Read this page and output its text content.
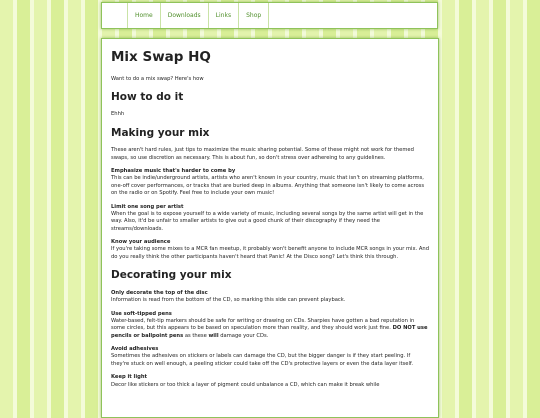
Home	Downloads	Links	Shop
Mix Swap HQ

Want to do a mix swap? Here's how

How to do it

Ehhh

Making your mix

These aren't hard rules, just tips to maximize the music sharing potential. Some of these might not work for themed swaps, so use discretion as necessary. This is about fun, so don't stress over adhereing to any guidelines.

Emphasize music that's harder to come by

This can be indie/underground artists, artists who aren't known in your country, music that isn't on streaming platforms, one-off cover performances, or tracks that are buried deep in albums. Anything that someone isn't likely to come across on the radio or on Spotify. Feel free to include your own music!

Limit one song per artist

When the goal is to expose yourself to a wide variety of music, including several songs by the same artist will get in the way. Also, it'd be unfair to smaller artists to give out a good chunk of their discography if they need the streams/downloads.

Know your audience

If you're taking some mixes to a MCR fan meetup, it probably won't benefit anyone to include MCR songs in your mix. And do you really think the other participants haven't heard that Panic! At the Disco song? Let's think this through.

Decorating your mix
Only decorate the top of the disc

Information is read from the bottom of the CD, so marking this side can prevent playback.

Use soft-tipped pens

Water-based, felt-tip markers should be safe for writing or drawing on CDs. Sharpies have gotten a bad reputation in some circles, but this appears to be based on speculation more than reality, and they should work just fine. DO NOT use pencils or ballpoint pens as these will damage your CDs.

Avoid adhesives

Sometimes the adhesives on stickers or labels can damage the CD, but the bigger danger is if they start peeling. If they're stuck on well enough, a peeling sticker could take off the CD's protective layers or even the data layer itself.

Keep it light

Decor like stickers or too thick a layer of pigment could unbalance a CD, which can make it break while
